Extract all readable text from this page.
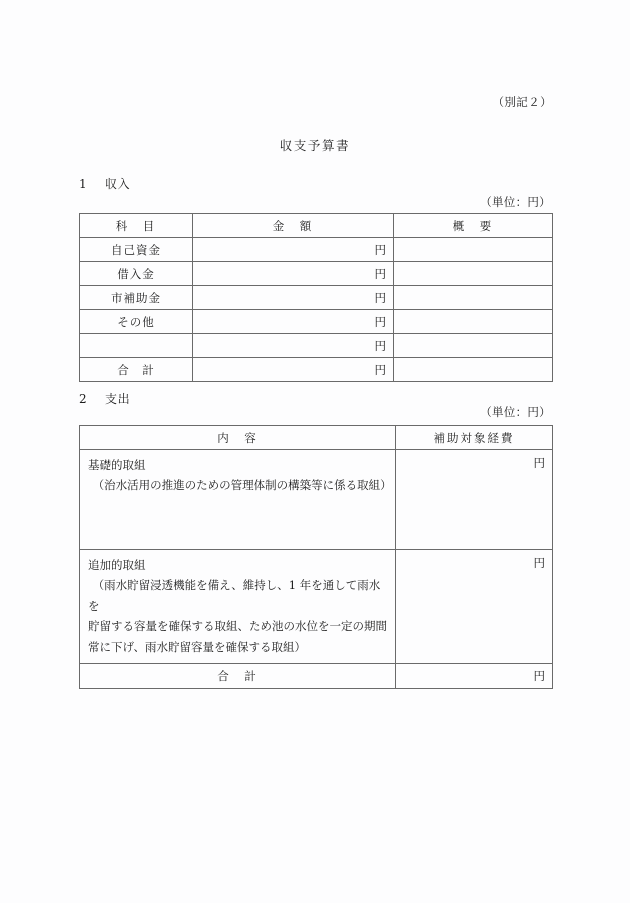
（別記２）
収支予算書
1 収入
（単位：円）
科　目	金　額	概　要
自己資金	円	
借入金	円	
市補助金	円	
その他	円	
	円	
合　計	円	
2 支出
（単位：円）
内　容	補助対象経費

基礎的取組
（治水活用の推進のための管理体制の構築等に係る取組）	円

追加的取組
（雨水貯留浸透機能を備え、維持し、1 年を通して雨水を
貯留する容量を確保する取組、ため池の水位を一定の期間
常に下げ、雨水貯留容量を確保する取組）	円
合　計	円
